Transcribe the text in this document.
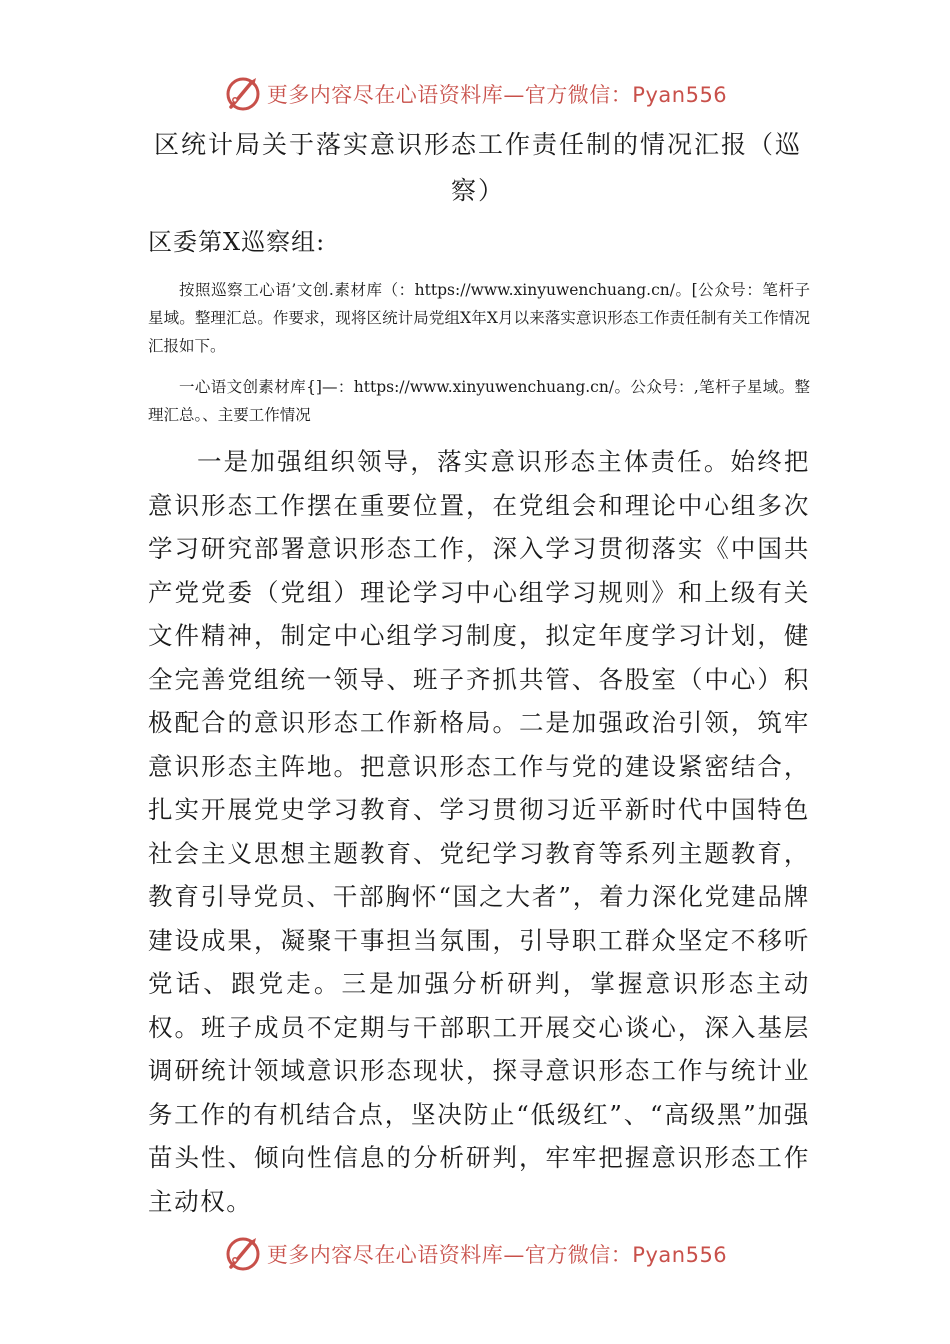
更多内容尽在心语资料库—官方微信：Pyan556
区统计局关于落实意识形态工作责任制的情况汇报（巡察）
区委第X巡察组:
按照巡察工心语’文创.素材库（：https://www.xinyuwenchuang.cn/。[公众号：笔杆子星域。整理汇总。作要求，现将区统计局党组X年X月以来落实意识形态工作责任制有关工作情况汇报如下。
一心语文创素材库{]—：https://www.xinyuwenchuang.cn/。公众号：,笔杆子星域。整理汇总。、主要工作情况
一是加强组织领导，落实意识形态主体责任。始终把意识形态工作摆在重要位置，在党组会和理论中心组多次学习研究部署意识形态工作，深入学习贯彻落实《中国共产党党委（党组）理论学习中心组学习规则》和上级有关文件精神，制定中心组学习制度，拟定年度学习计划，健全完善党组统一领导、班子齐抓共管、各股室（中心）积极配合的意识形态工作新格局。二是加强政治引领，筑牢意识形态主阵地。把意识形态工作与党的建设紧密结合，扎实开展党史学习教育、学习贯彻习近平新时代中国特色社会主义思想主题教育、党纪学习教育等系列主题教育，教育引导党员、干部胸怀“国之大者”，着力深化党建品牌建设成果，凝聚干事担当氛围，引导职工群众坚定不移听党话、跟党走。三是加强分析研判，掌握意识形态主动权。班子成员不定期与干部职工开展交心谈心，深入基层调研统计领域意识形态现状，探寻意识形态工作与统计业务工作的有机结合点，坚决防止“低级红”、“高级黑”加强苗头性、倾向性信息的分析研判，牢牢把握意识形态工作主动权。
更多内容尽在心语资料库—官方微信：Pyan556
